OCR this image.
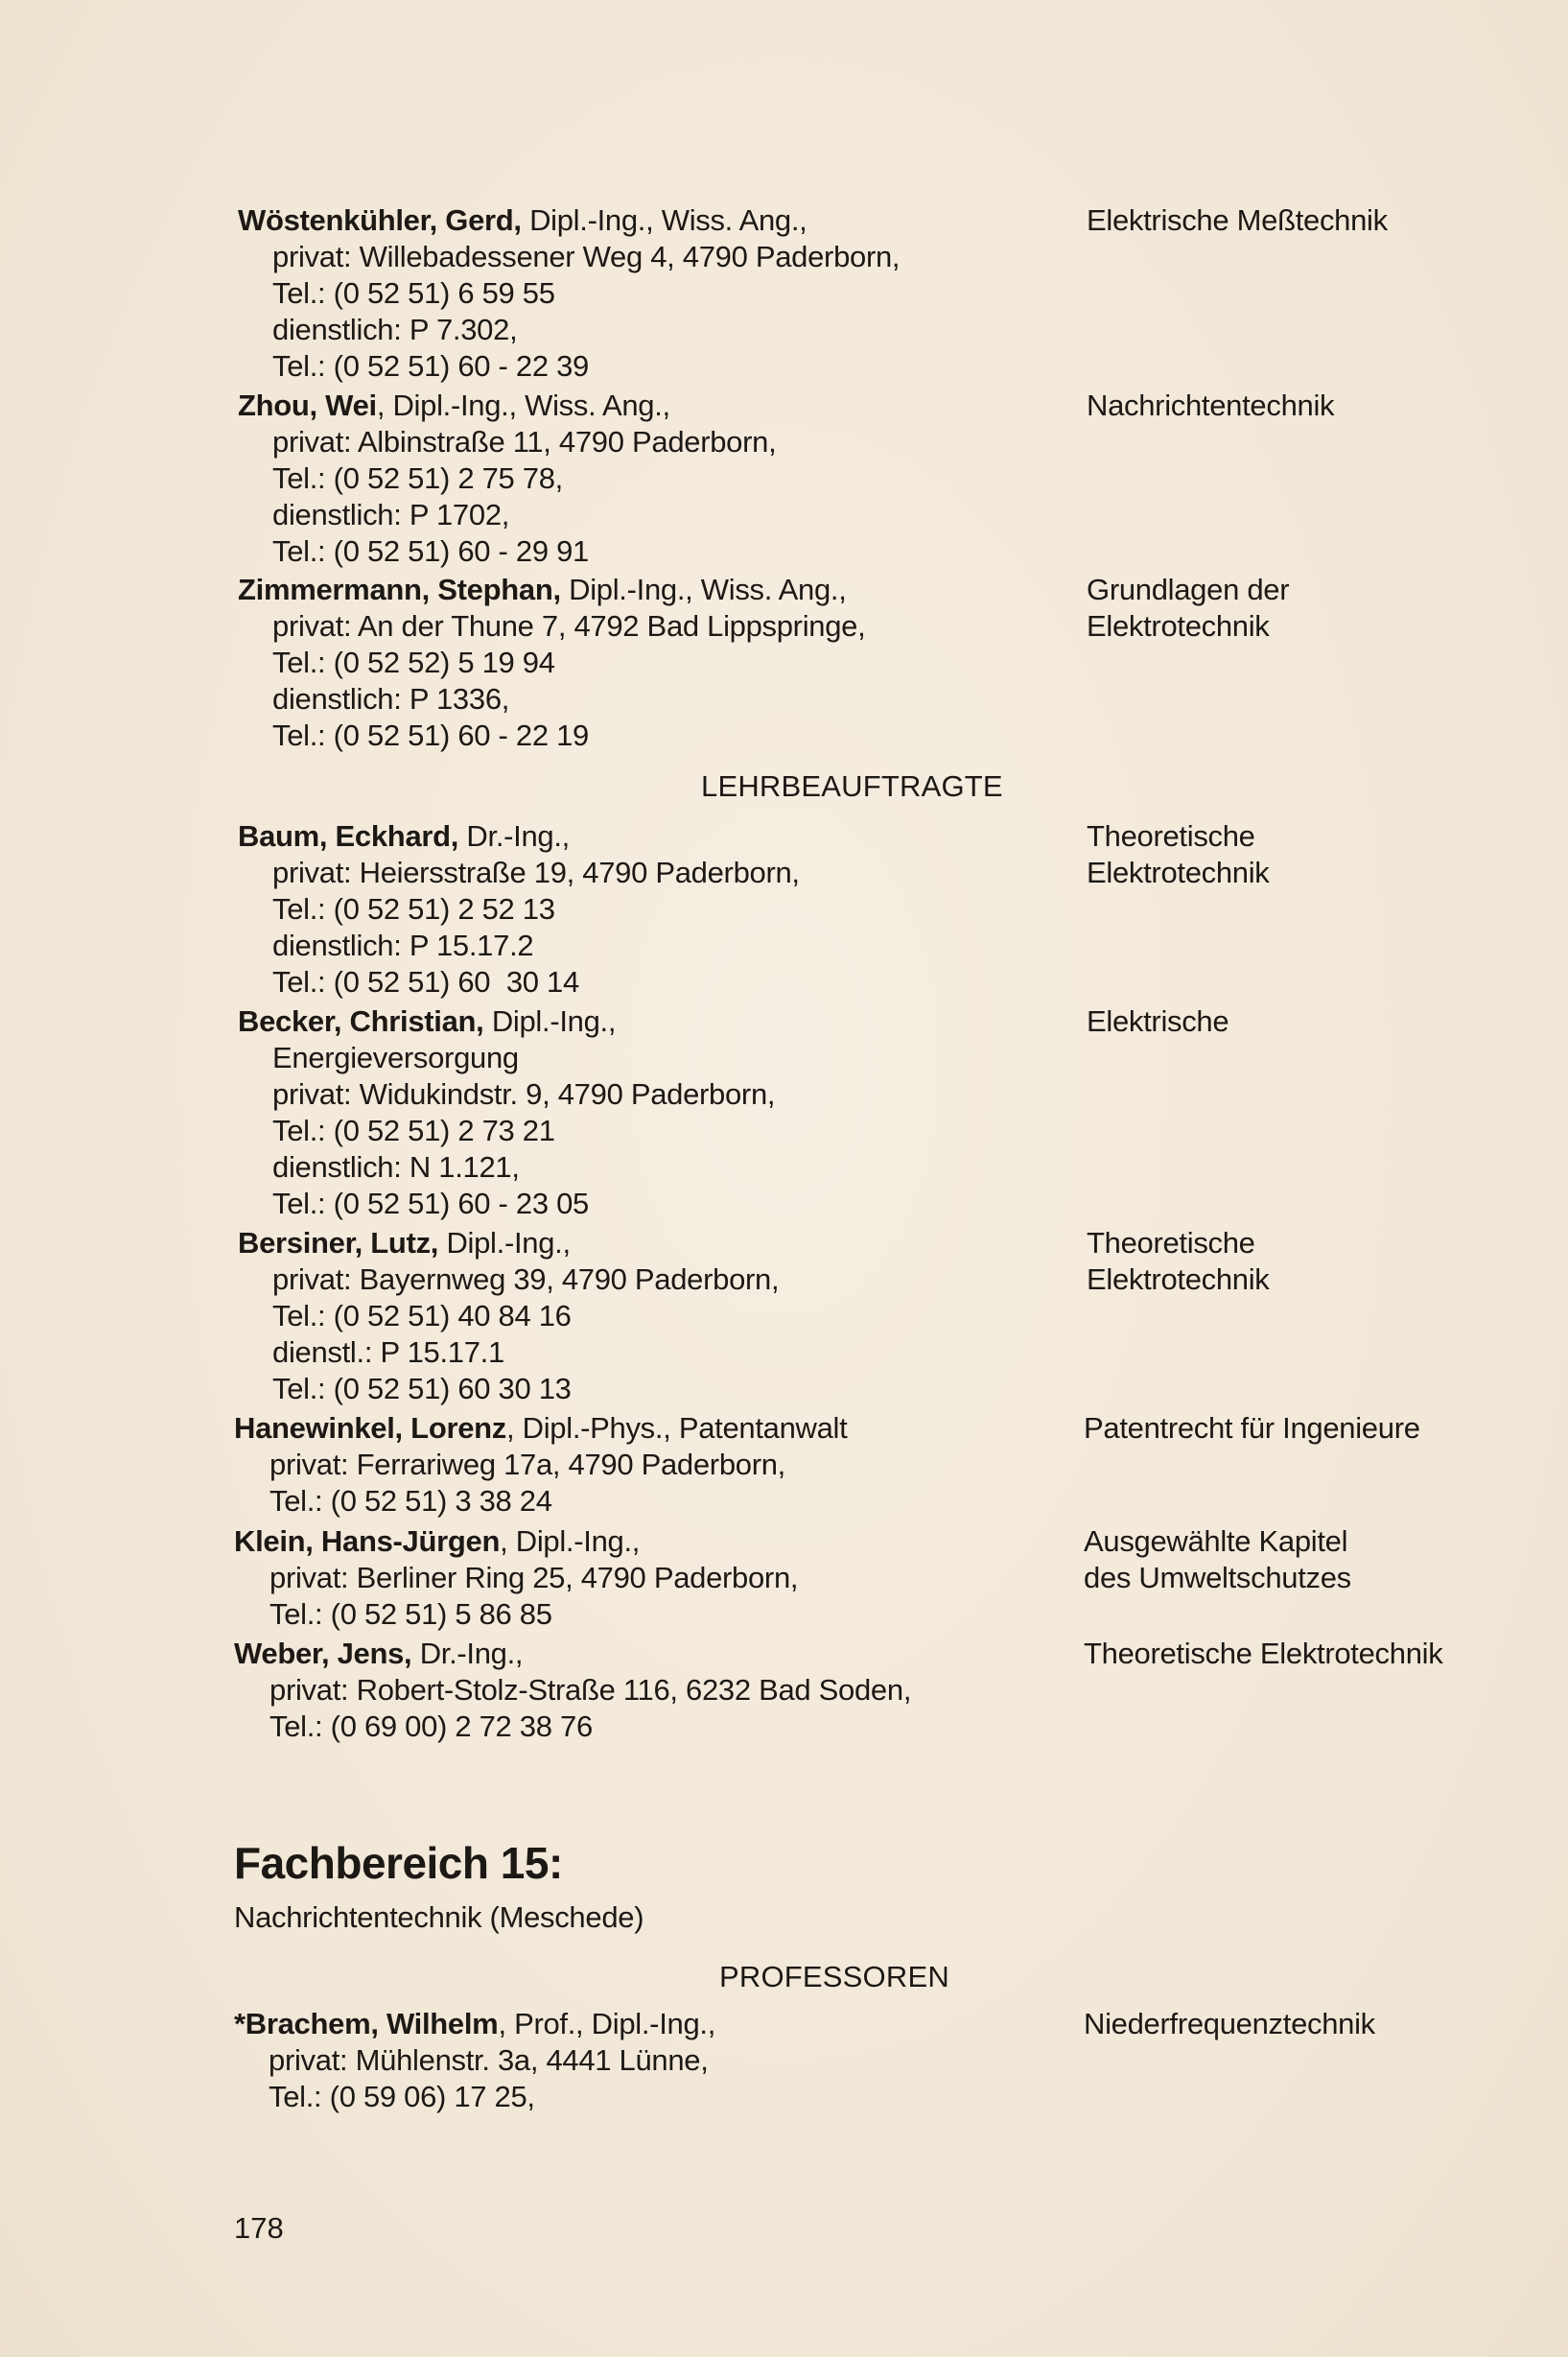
Wöstenkühler, Gerd, Dipl.-Ing., Wiss. Ang.,
privat: Willebadessener Weg 4, 4790 Paderborn,
Tel.: (0 52 51) 6 59 55
dienstlich: P 7.302,
Tel.: (0 52 51) 60 - 22 39
Elektrische Meßtechnik
Zhou, Wei, Dipl.-Ing., Wiss. Ang.,
privat: Albinstraße 11, 4790 Paderborn,
Tel.: (0 52 51) 2 75 78,
dienstlich: P 1702,
Tel.: (0 52 51) 60 - 29 91
Nachrichtentechnik
Zimmermann, Stephan, Dipl.-Ing., Wiss. Ang.,
privat: An der Thune 7, 4792 Bad Lippspringe,
Tel.: (0 52 52) 5 19 94
dienstlich: P 1336,
Tel.: (0 52 51) 60 - 22 19
Grundlagen der
Elektrotechnik
LEHRBEAUFTRAGTE
Baum, Eckhard, Dr.-Ing.,
privat: Heiersstraße 19, 4790 Paderborn,
Tel.: (0 52 51) 2 52 13
dienstlich: P 15.17.2
Tel.: (0 52 51) 60  30 14
Theoretische
Elektrotechnik
Becker, Christian, Dipl.-Ing.,
Energieversorgung
privat: Widukindstr. 9, 4790 Paderborn,
Tel.: (0 52 51) 2 73 21
dienstlich: N 1.121,
Tel.: (0 52 51) 60 - 23 05
Elektrische
Bersiner, Lutz, Dipl.-Ing.,
privat: Bayernweg 39, 4790 Paderborn,
Tel.: (0 52 51) 40 84 16
dienstl.: P 15.17.1
Tel.: (0 52 51) 60 30 13
Theoretische
Elektrotechnik
Hanewinkel, Lorenz, Dipl.-Phys., Patentanwalt
privat: Ferrariweg 17a, 4790 Paderborn,
Tel.: (0 52 51) 3 38 24
Patentrecht für Ingenieure
Klein, Hans-Jürgen, Dipl.-Ing.,
privat: Berliner Ring 25, 4790 Paderborn,
Tel.: (0 52 51) 5 86 85
Ausgewählte Kapitel
des Umweltschutzes
Weber, Jens, Dr.-Ing.,
privat: Robert-Stolz-Straße 116, 6232 Bad Soden,
Tel.: (0 69 00) 2 72 38 76
Theoretische Elektrotechnik
Fachbereich 15:
Nachrichtentechnik (Meschede)
PROFESSOREN
*Brachem, Wilhelm, Prof., Dipl.-Ing.,
privat: Mühlenstr. 3a, 4441 Lünne,
Tel.: (0 59 06) 17 25,
Niederfrequenztechnik
178
